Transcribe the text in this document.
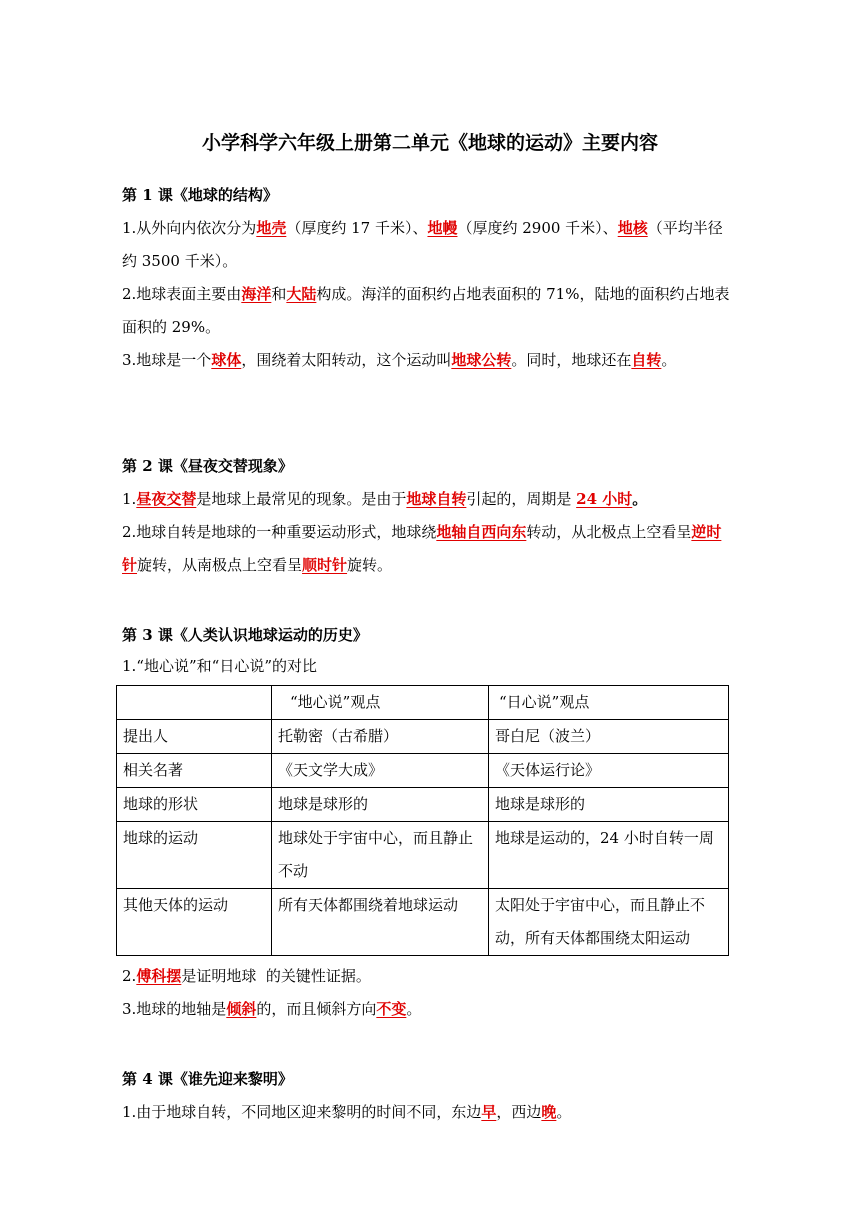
小学科学六年级上册第二单元《地球的运动》主要内容
第 1 课《地球的结构》

1.从外向内依次分为地壳（厚度约 17 千米）、地幔（厚度约 2900 千米）、地核（平均半径约 3500 千米）。

2.地球表面主要由海洋和大陆构成。海洋的面积约占地表面积的 71%，陆地的面积约占地表面积的 29%。

3.地球是一个球体，围绕着太阳转动，这个运动叫地球公转。同时，地球还在自转。

第 2 课《昼夜交替现象》

1.昼夜交替是地球上最常见的现象。是由于地球自转引起的，周期是 24 小时。

2.地球自转是地球的一种重要运动形式，地球绕地轴自西向东转动，从北极点上空看呈逆时针旋转，从南极点上空看呈顺时针旋转。

第 3 课《人类认识地球运动的历史》

1.“地心说”和“日心说”的对比

	“地心说”观点	“日心说”观点
提出人	托勒密（古希腊）	哥白尼（波兰）
相关名著	《天文学大成》	《天体运行论》
地球的形状	地球是球形的	地球是球形的
地球的运动	地球处于宇宙中心，而且静止不动	地球是运动的，24 小时自转一周
其他天体的运动	所有天体都围绕着地球运动	太阳处于宇宙中心，而且静止不动，所有天体都围绕太阳运动

2.傅科摆是证明地球  的关键性证据。

3.地球的地轴是倾斜的，而且倾斜方向不变。

第 4 课《谁先迎来黎明》

1.由于地球自转，不同地区迎来黎明的时间不同，东边早，西边晚。
